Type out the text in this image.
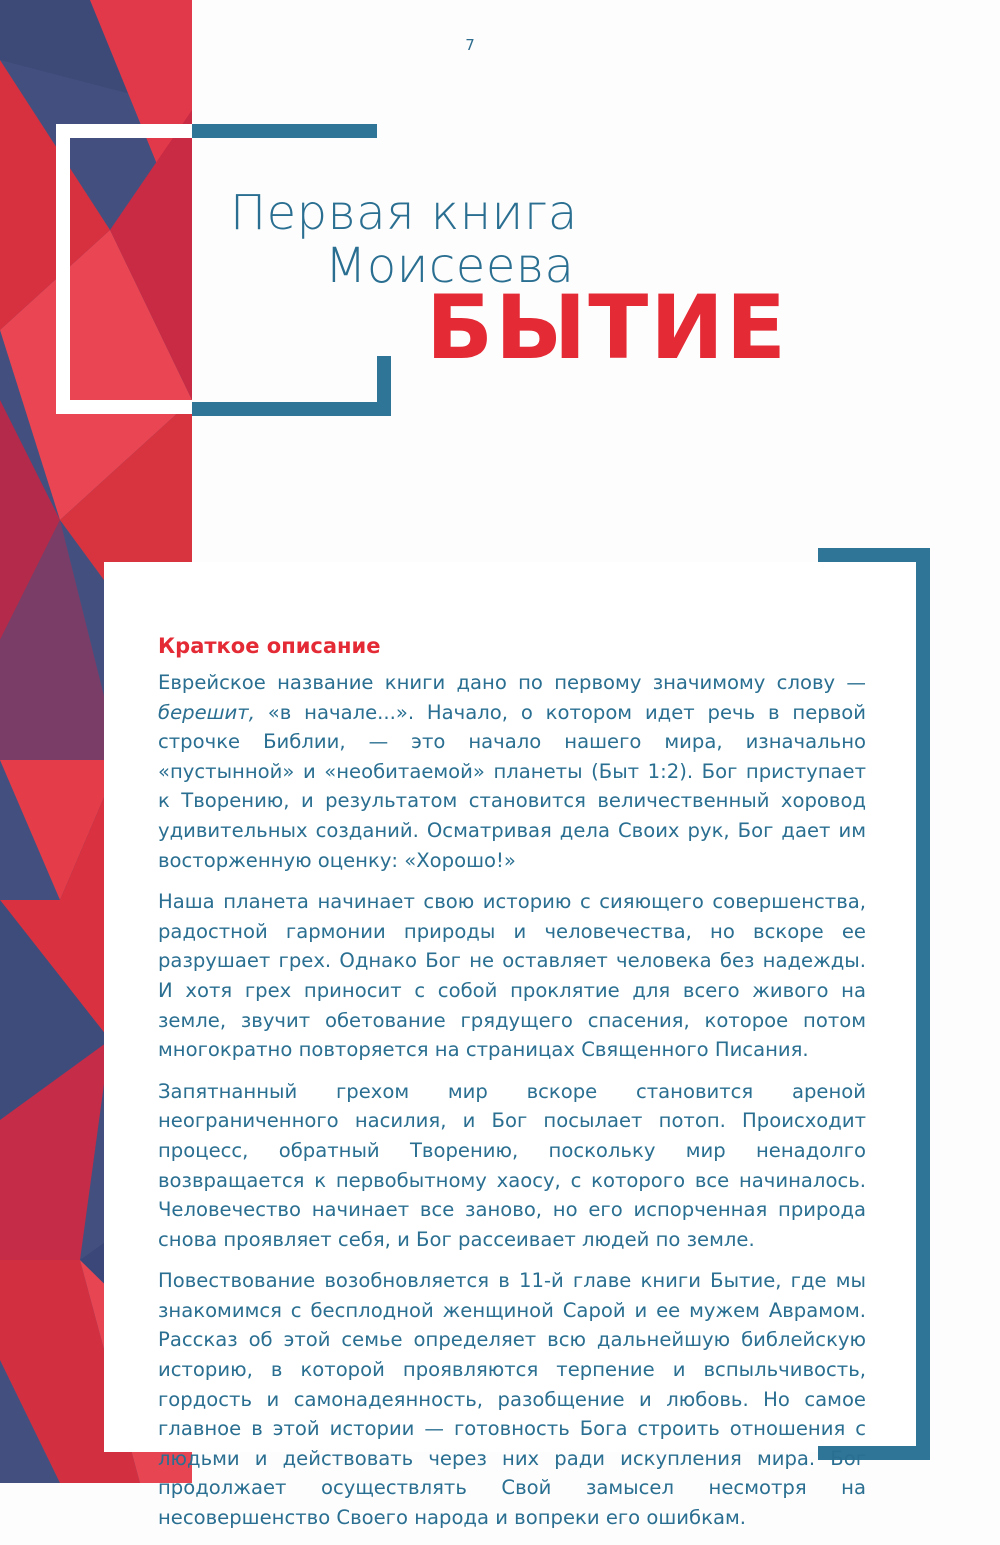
7
Первая книга
Моисеева
БЫТИЕ
Краткое описание

Еврейское название книги дано по первому значимому слову — берешит, «в начале...». Начало, о котором идет речь в первой строчке Библии, — это начало нашего мира, изначально «пустынной» и «необитаемой» планеты (Быт 1:2). Бог приступает к Творению, и результатом становится величественный хоровод удивительных созданий. Осматривая дела Своих рук, Бог дает им восторженную оценку: «Хорошо!»

Наша планета начинает свою историю с сияющего совершенства, радостной гармонии природы и человечества, но вскоре ее разрушает грех. Однако Бог не оставляет человека без надежды. И хотя грех приносит с собой проклятие для всего живого на земле, звучит обетование грядущего спасения, которое потом многократно повторяется на страницах Священного Писания.

Запятнанный грехом мир вскоре становится ареной неограниченного насилия, и Бог посылает потоп. Происходит процесс, обратный Творению, поскольку мир ненадолго возвращается к первобытному хаосу, с которого все начиналось. Человечество начинает все заново, но его испорченная природа снова проявляет себя, и Бог рассеивает людей по земле.

Повествование возобновляется в 11-й главе книги Бытие, где мы знакомимся с бесплодной женщиной Сарой и ее мужем Аврамом. Рассказ об этой семье определяет всю дальнейшую библейскую историю, в которой проявляются терпение и вспыльчивость, гордость и самонадеянность, разобщение и любовь. Но самое главное в этой истории — готовность Бога строить отношения с людьми и действовать через них ради искупления мира. Бог продолжает осуществлять Свой замысел несмотря на несовершенство Своего народа и вопреки его ошибкам.
